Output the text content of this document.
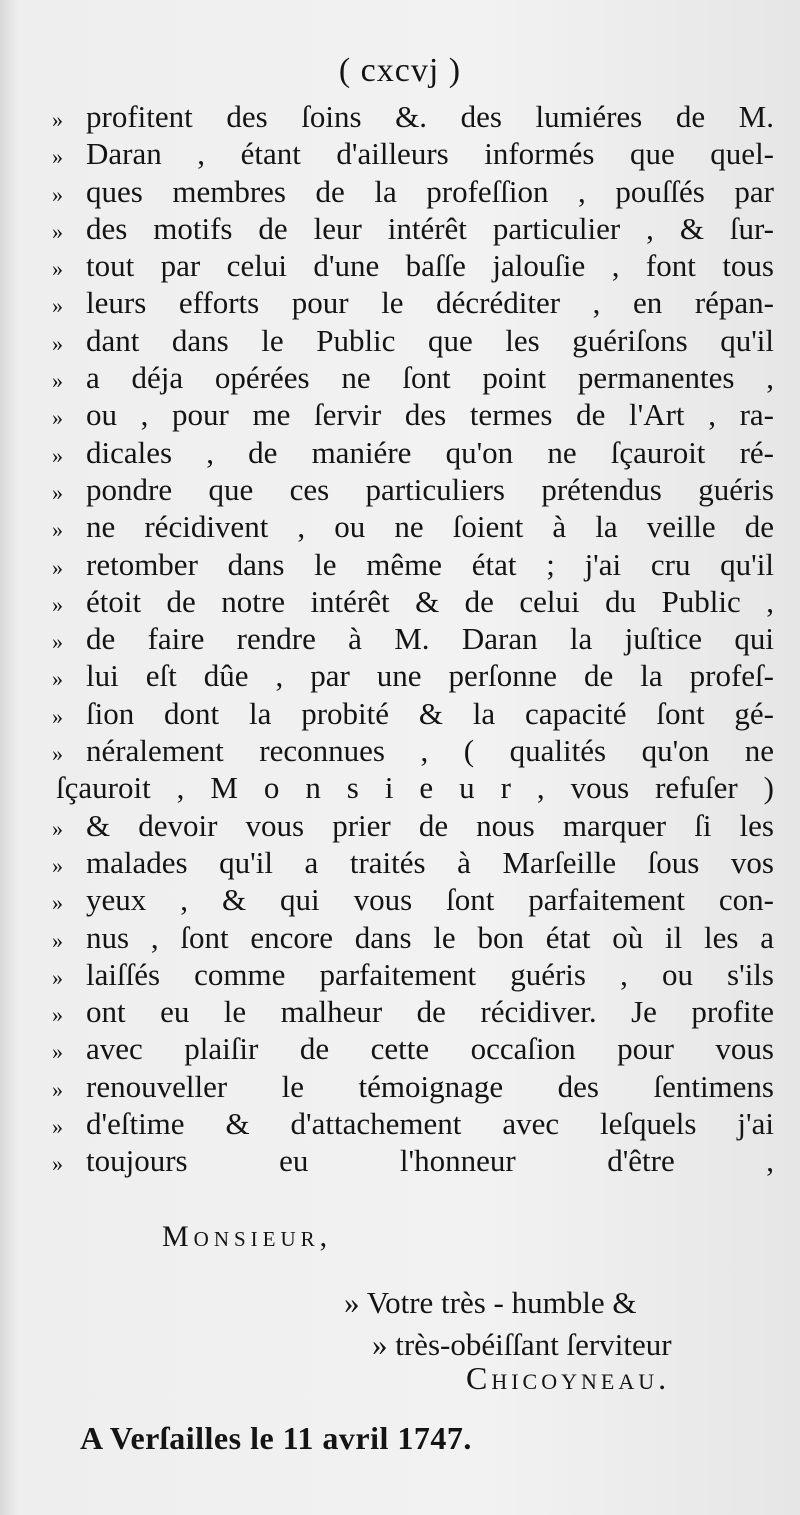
( cxcvj )
» profitent des ſoins &. des lumiéres de M.
» Daran , étant d'ailleurs informés que quel-
» ques membres de la profeſſion , pouſſés par
» des motifs de leur intérêt particulier , & ſur-
» tout par celui d'une baſſe jalouſie , font tous
» leurs efforts pour le décréditer , en répan-
» dant dans le Public que les guériſons qu'il
» a déja opérées ne ſont point permanentes ,
» ou , pour me ſervir des termes de l'Art , ra-
» dicales , de maniére qu'on ne ſçauroit ré-
» pondre que ces particuliers prétendus guéris
» ne récidivent , ou ne ſoient à la veille de
» retomber dans le même état ; j'ai cru qu'il
» étoit de notre intérêt & de celui du Public ,
» de faire rendre à M. Daran la juſtice qui
» lui eſt dûe , par une perſonne de la profeſ-
» ſion dont la probité & la capacité ſont gé-
» néralement reconnues , ( qualités qu'on ne
ſçauroit , M o n s i e u r , vous refuſer )
» & devoir vous prier de nous marquer ſi les
» malades qu'il a traités à Marſeille ſous vos
» yeux , & qui vous ſont parfaitement con-
» nus , ſont encore dans le bon état où il les a
» laiſſés comme parfaitement guéris , ou s'ils
» ont eu le malheur de récidiver. Je profite
» avec plaiſir de cette occaſion pour vous
» renouveller le témoignage des ſentimens
» d'eſtime & d'attachement avec leſquels j'ai
» toujours eu l'honneur d'être ,
Monsieur,
» Votre très - humble &
» très-obéiſſant ſerviteur
Chicoyneau.
A Verſailles le 11 avril 1747.
